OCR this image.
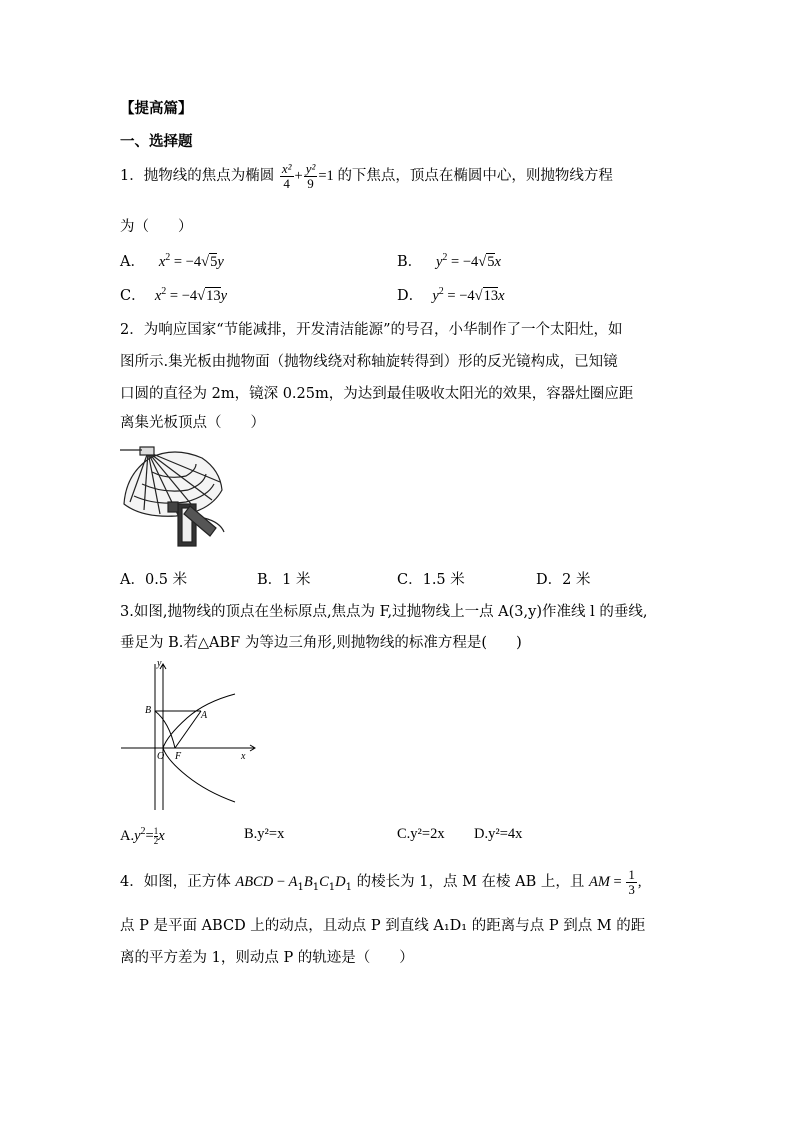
【提高篇】
一、选择题
1．抛物线的焦点为椭圆 $\frac{\text{x²}}{4} + \frac{\text{y²}}{9} =1$ 的下焦点，顶点在椭圆中心，则抛物线方程
为（　　）
A． $x^2 = -4√5y$	B． $y^2 = -4√5x$
C． $x^2 = -4√13y$	D． $y^2 = -4√13x$
2．为响应国家“节能减排，开发清洁能源”的号召，小华制作了一个太阳灶，如
图所示.集光板由抛物面（抛物线绕对称轴旋转得到）形的反光镜构成，已知镜
口圆的直径为 2m，镜深 0.25m，为达到最佳吸收太阳光的效果，容器灶圈应距
离集光板顶点（　　）
A．0.5 米	B．1 米	C．1.5 米	D．2 米
3.如图,抛物线的顶点在坐标原点,焦点为 F,过抛物线上一点 A(3,y)作准线 l 的垂线,
垂足为 B.若△ABF 为等边三角形,则抛物线的标准方程是(　　)
y
x
B	A
O F
$A.y^2= \frac{1}{2}$ x	B.y²=x	C.y²=2x D.y²=4x
4．如图，正方体 ABCD − $A_1B_1C_1D_1$ 的棱长为 1，点 M 在棱 AB 上，且 AM = $\frac{1}{3}$ ,
点 P 是平面 ABCD 上的动点，且动点 P 到直线 A₁D₁ 的距离与点 P 到点 M 的距
离的平方差为 1，则动点 P 的轨迹是（　　）
